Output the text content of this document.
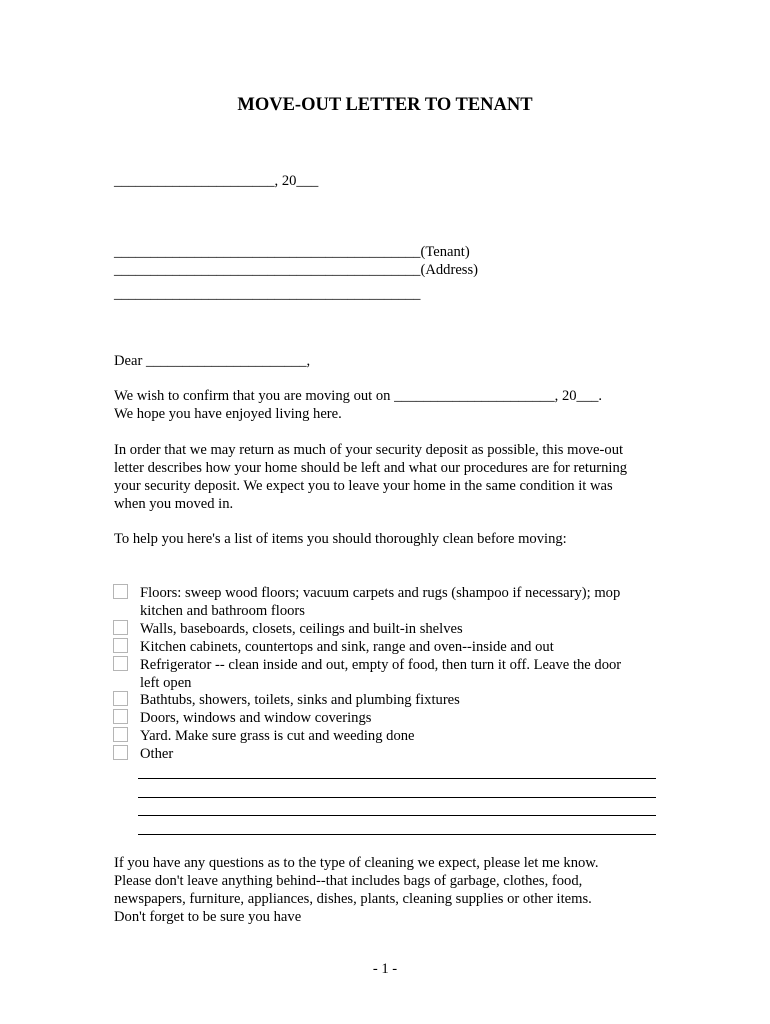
MOVE-OUT LETTER TO TENANT
______________________, 20___
__________________________________________(Tenant)
__________________________________________(Address)
__________________________________________
Dear ______________________,
We wish to confirm that you are moving out on ______________________, 20___.
We hope you have enjoyed living here.
In order that we may return as much of your security deposit as possible, this move-out
letter describes how your home should be left and what our procedures are for returning
your security deposit. We expect you to leave your home in the same condition it was
when you moved in.
To help you here's a list of items you should thoroughly clean before moving:
Floors: sweep wood floors; vacuum carpets and rugs (shampoo if necessary); mop
kitchen and bathroom floors
Walls, baseboards, closets, ceilings and built-in shelves
Kitchen cabinets, countertops and sink, range and oven--inside and out
Refrigerator -- clean inside and out, empty of food, then turn it off. Leave the door
left open
Bathtubs, showers, toilets, sinks and plumbing fixtures
Doors, windows and window coverings
Yard. Make sure grass is cut and weeding done
Other
If you have any questions as to the type of cleaning we expect, please let me know.
Please don't leave anything behind--that includes bags of garbage, clothes, food,
newspapers, furniture, appliances, dishes, plants, cleaning supplies or other items.
Don't forget to be sure you have
- 1 -
